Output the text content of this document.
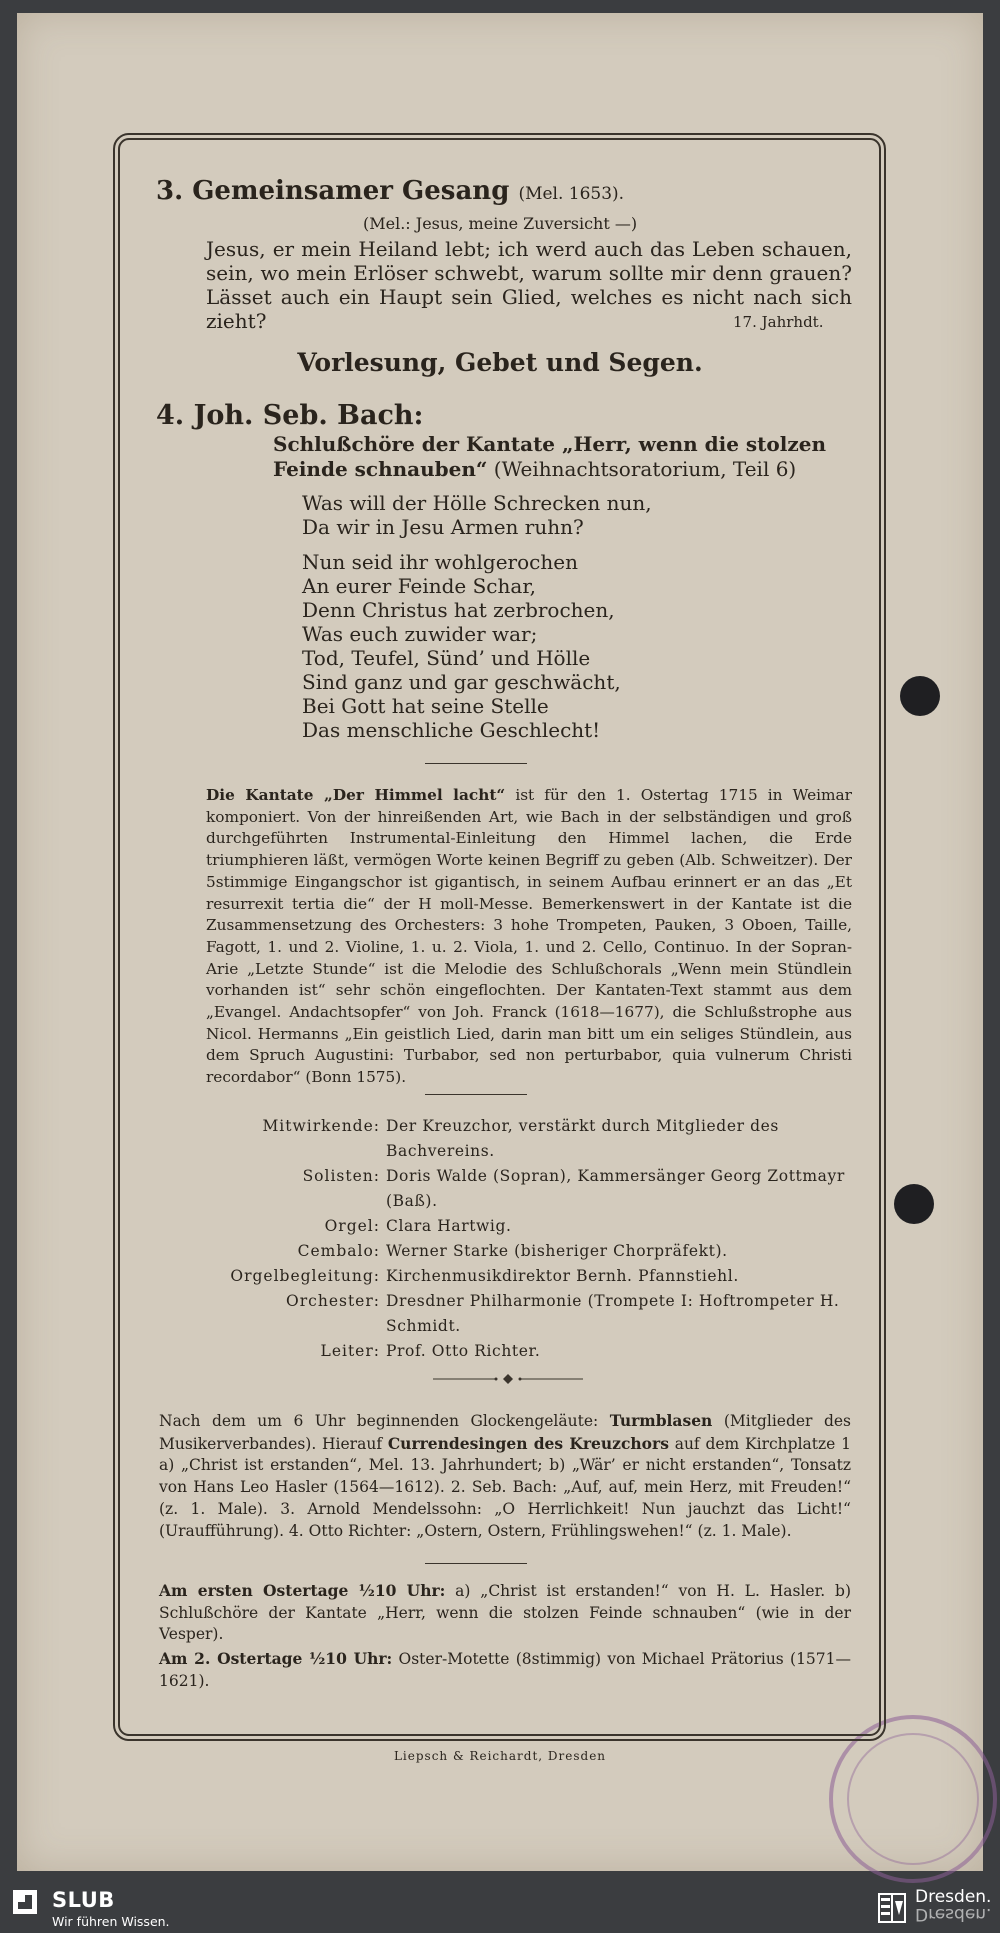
3. Gemeinsamer Gesang (Mel. 1653).
(Mel.: Jesus, meine Zuversicht —)
Jesus, er mein Heiland lebt; ich werd auch das Leben schauen, sein, wo mein Erlöser schwebt, warum sollte mir denn grauen? Lässet auch ein Haupt sein Glied, welches es nicht nach sich zieht?	17. Jahrhdt.
Vorlesung, Gebet und Segen.
4. Joh. Seb. Bach:
Schlußchöre der Kantate „Herr, wenn die stolzen Feinde schnauben“ (Weihnachtsoratorium, Teil 6)
Was will der Hölle Schrecken nun,
Da wir in Jesu Armen ruhn?
Nun seid ihr wohlgerochen
An eurer Feinde Schar,
Denn Christus hat zerbrochen,
Was euch zuwider war;
Tod, Teufel, Sünd’ und Hölle
Sind ganz und gar geschwächt,
Bei Gott hat seine Stelle
Das menschliche Geschlecht!
Die Kantate „Der Himmel lacht“ ist für den 1. Ostertag 1715 in Weimar komponiert. Von der hinreißenden Art, wie Bach in der selbständigen und groß durchgeführten Instrumental-Einleitung den Himmel lachen, die Erde triumphieren läßt, vermögen Worte keinen Begriff zu geben (Alb. Schweitzer). Der 5stimmige Eingangschor ist gigantisch, in seinem Aufbau erinnert er an das „Et resurrexit tertia die“ der H moll-Messe. Bemerkenswert in der Kantate ist die Zusammensetzung des Orchesters: 3 hohe Trompeten, Pauken, 3 Oboen, Taille, Fagott, 1. und 2. Violine, 1. u. 2. Viola, 1. und 2. Cello, Continuo. In der Sopran-Arie „Letzte Stunde“ ist die Melodie des Schlußchorals „Wenn mein Stündlein vorhanden ist“ sehr schön eingeflochten. Der Kantaten-Text stammt aus dem „Evangel. Andachtsopfer“ von Joh. Franck (1618—1677), die Schlußstrophe aus Nicol. Hermanns „Ein geistlich Lied, darin man bitt um ein seliges Stündlein, aus dem Spruch Augustini: Turbabor, sed non perturbabor, quia vulnerum Christi recordabor“ (Bonn 1575).
Mitwirkende: Der Kreuzchor, verstärkt durch Mitglieder des Bachvereins.
Solisten: Doris Walde (Sopran), Kammersänger Georg Zottmayr (Baß).
Orgel: Clara Hartwig.
Cembalo: Werner Starke (bisheriger Chorpräfekt).
Orgelbegleitung: Kirchenmusikdirektor Bernh. Pfannstiehl.
Orchester: Dresdner Philharmonie (Trompete I: Hoftrompeter H. Schmidt.
Leiter: Prof. Otto Richter.
Nach dem um 6 Uhr beginnenden Glockengeläute: Turmblasen (Mitglieder des Musikerverbandes). Hierauf Currendesingen des Kreuzchors auf dem Kirchplatze 1 a) „Christ ist erstanden“, Mel. 13. Jahrhundert; b) „Wär’ er nicht erstanden“, Tonsatz von Hans Leo Hasler (1564—1612). 2. Seb. Bach: „Auf, auf, mein Herz, mit Freuden!“ (z. 1. Male). 3. Arnold Mendelssohn: „O Herrlichkeit! Nun jauchzt das Licht!“ (Uraufführung). 4. Otto Richter: „Ostern, Ostern, Frühlingswehen!“ (z. 1. Male).
Am ersten Ostertage ½10 Uhr: a) „Christ ist erstanden!“ von H. L. Hasler. b) Schlußchöre der Kantate „Herr, wenn die stolzen Feinde schnauben“ (wie in der Vesper).
Am 2. Ostertage ½10 Uhr: Oster-Motette (8stimmig) von Michael Prätorius (1571—1621).
Liepsch & Reichardt, Dresden
SLUB
Wir führen Wissen.
Dresden.
Dresden.
